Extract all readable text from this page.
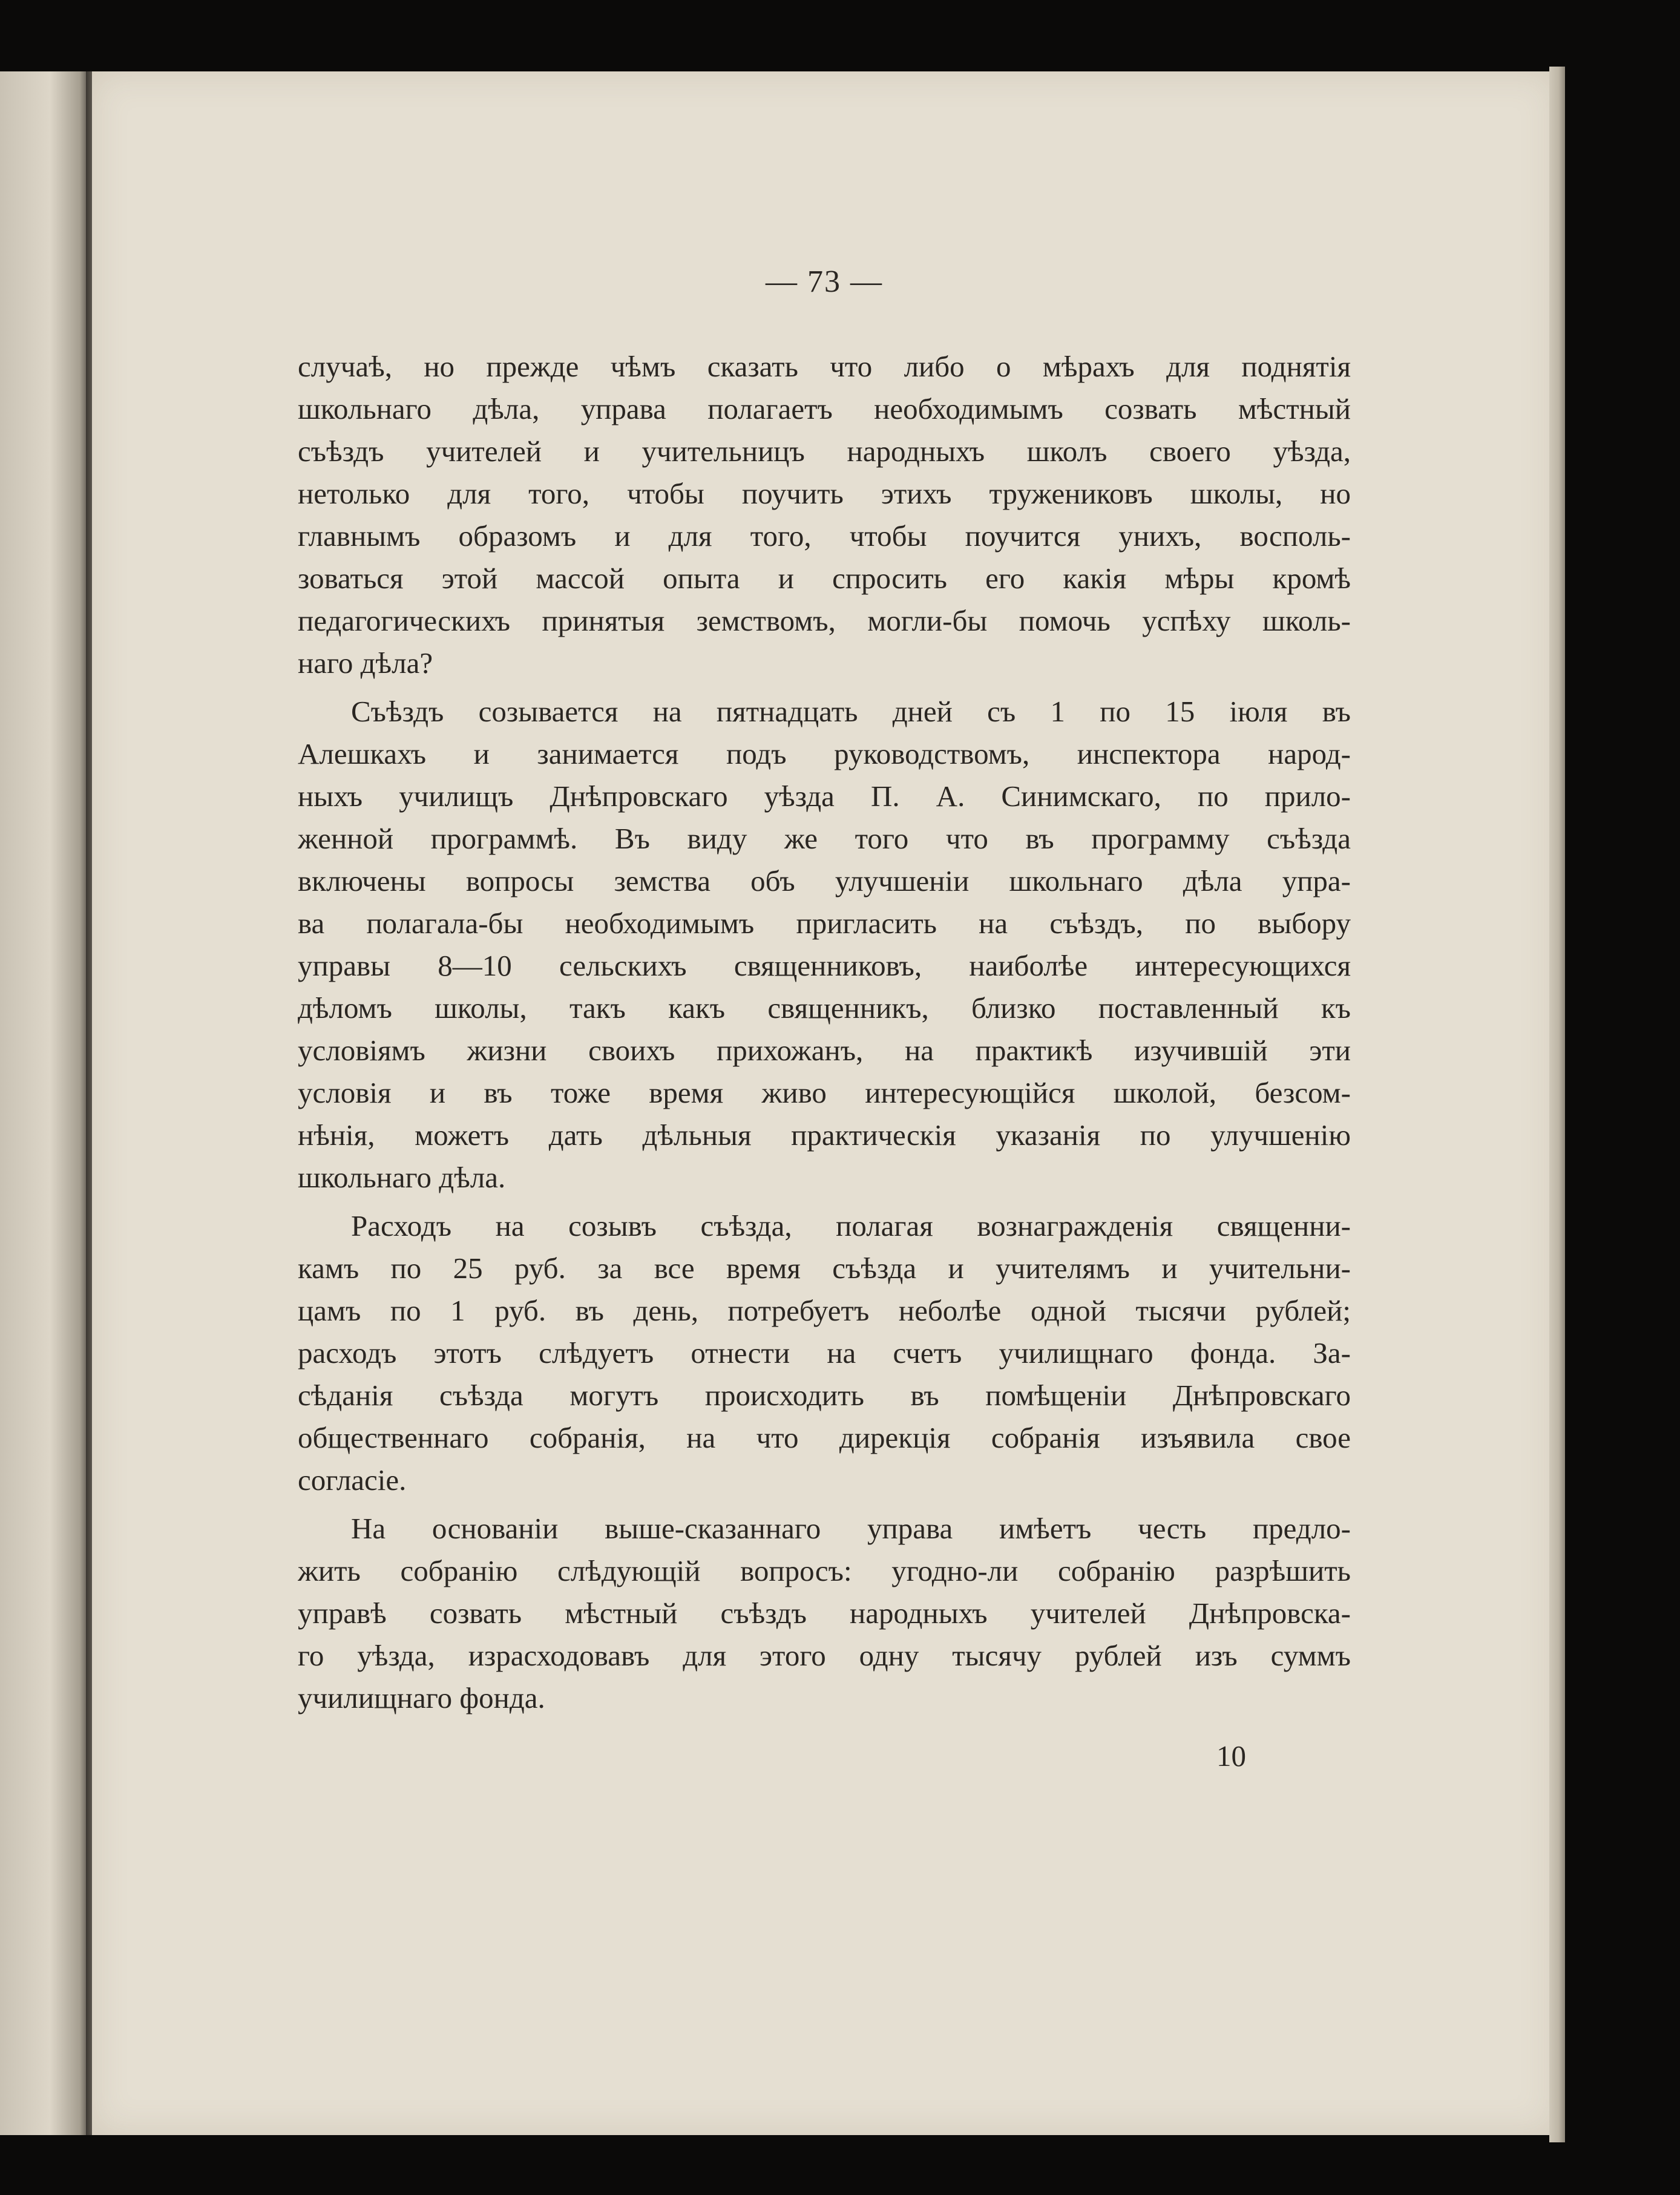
— 73 —
случаѣ, но прежде чѣмъ сказать что либо о мѣрахъ для поднятія
школьнаго дѣла, управа полагаетъ необходимымъ созвать мѣстный
съѣздъ учителей и учительницъ народныхъ школъ своего уѣзда,
нетолько для того, чтобы поучить этихъ тружениковъ школы, но
главнымъ образомъ и для того, чтобы поучится унихъ, восполь-
зоваться этой массой опыта и спросить его какія мѣры кромѣ
педагогическихъ принятыя земствомъ, могли-бы помочь успѣху школь-
наго дѣла?
Съѣздъ созывается на пятнадцать дней съ 1 по 15 іюля въ
Алешкахъ и занимается подъ руководствомъ, инспектора народ-
ныхъ училищъ Днѣпровскаго уѣзда П. А. Синимскаго, по прило-
женной программѣ. Въ виду же того что въ программу съѣзда
включены вопросы земства объ улучшеніи школьнаго дѣла упра-
ва полагала-бы необходимымъ пригласить на съѣздъ, по выбору
управы 8—10 сельскихъ священниковъ, наиболѣе интересующихся
дѣломъ школы, такъ какъ священникъ, близко поставленный къ
условіямъ жизни своихъ прихожанъ, на практикѣ изучившій эти
условія и въ тоже время живо интересующійся школой, безсом-
нѣнія, можетъ дать дѣльныя практическія указанія по улучшенію
школьнаго дѣла.
Расходъ на созывъ съѣзда, полагая вознагражденія священни-
камъ по 25 руб. за все время съѣзда и учителямъ и учительни-
цамъ по 1 руб. въ день, потребуетъ неболѣе одной тысячи рублей;
расходъ этотъ слѣдуетъ отнести на счетъ училищнаго фонда. За-
сѣданія съѣзда могутъ происходить въ помѣщеніи Днѣпровскаго
общественнаго собранія, на что дирекція собранія изъявила свое
согласіе.
На основаніи выше-сказаннаго управа имѣетъ честь предло-
жить собранію слѣдующій вопросъ: угодно-ли собранію разрѣшить
управѣ созвать мѣстный съѣздъ народныхъ учителей Днѣпровска-
го уѣзда, израсходовавъ для этого одну тысячу рублей изъ суммъ
училищнаго фонда.
10
